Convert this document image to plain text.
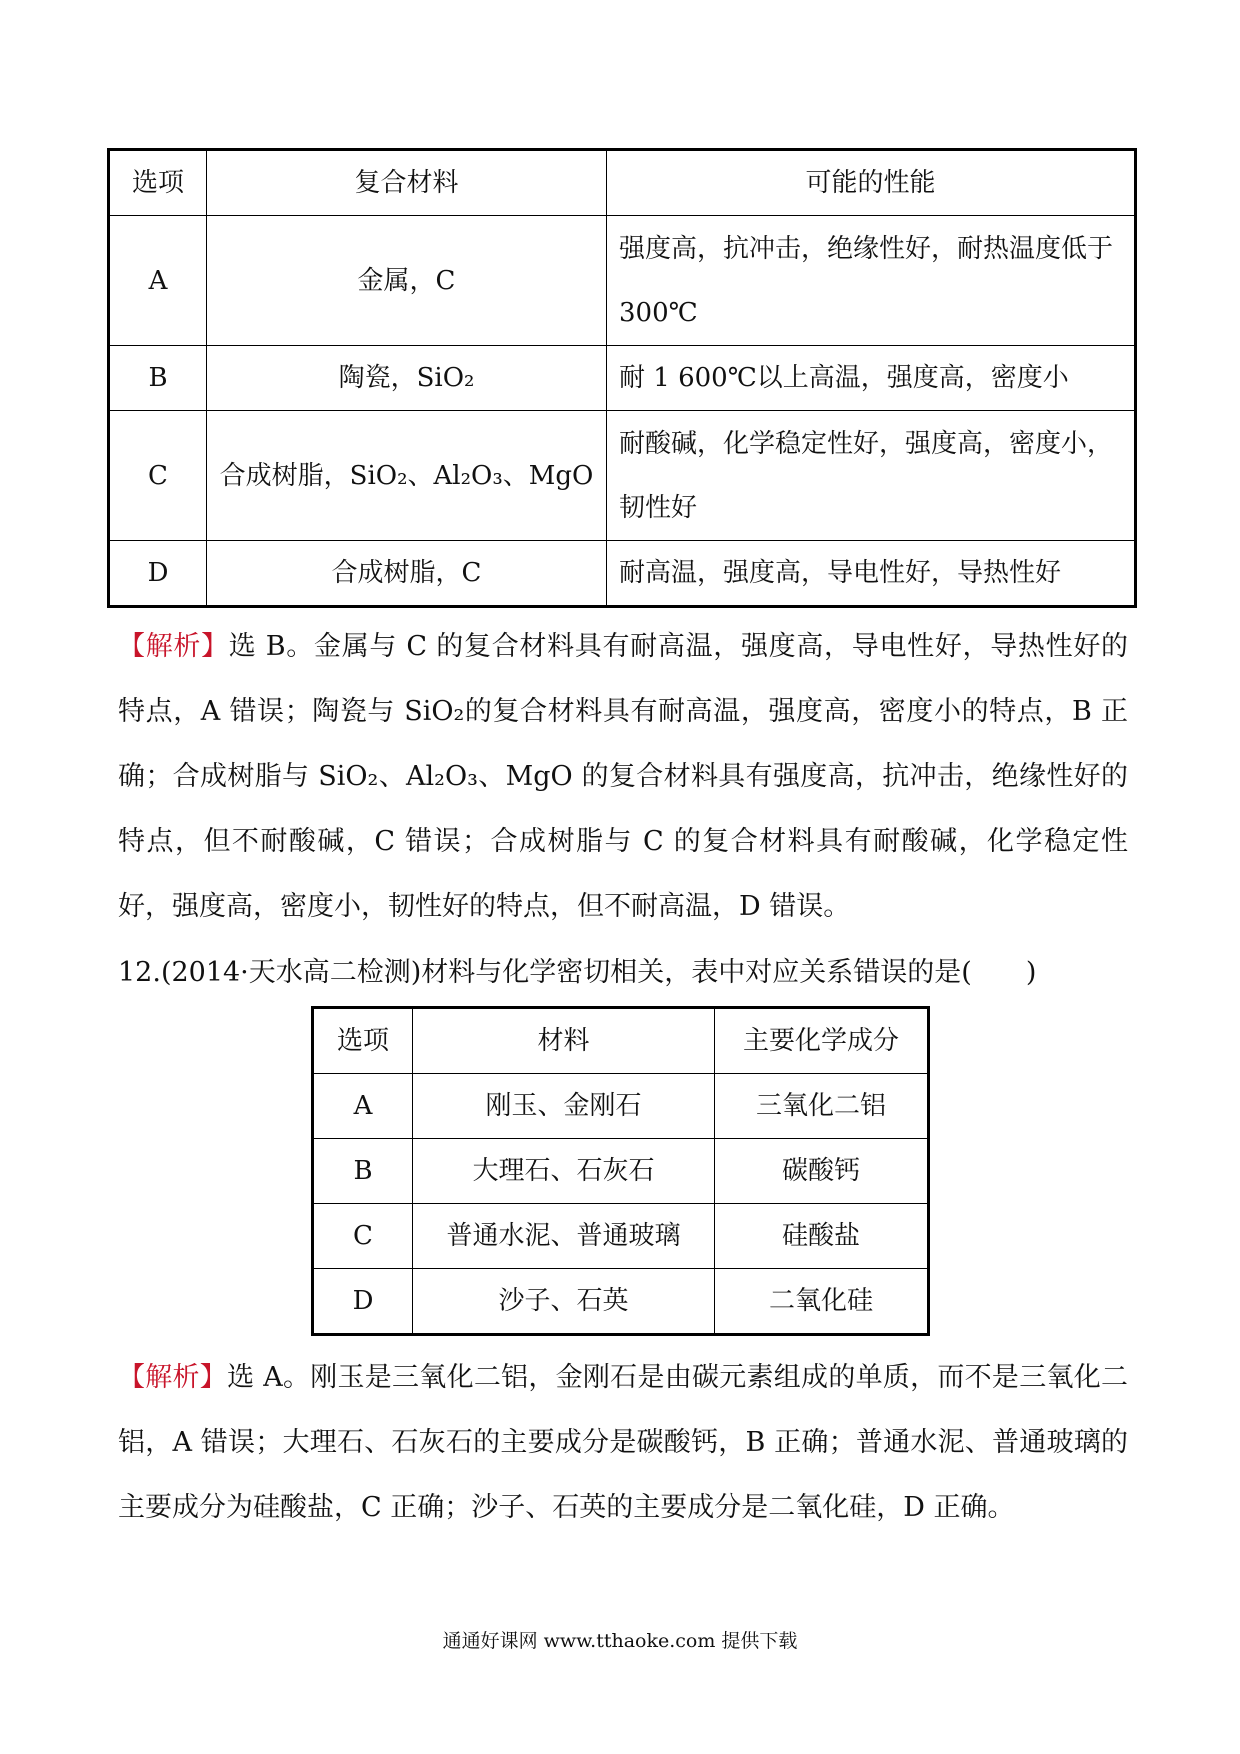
选项	复合材料	可能的性能
A	金属，C	强度高，抗冲击，绝缘性好，耐热温度低于 300℃
B	陶瓷，SiO₂	耐 1 600℃以上高温，强度高，密度小
C	合成树脂，SiO₂、Al₂O₃、MgO	耐酸碱，化学稳定性好，强度高，密度小，韧性好
D	合成树脂，C	耐高温，强度高，导电性好，导热性好
【解析】选 B。金属与 C 的复合材料具有耐高温，强度高，导电性好，导热性好的特点，A 错误；陶瓷与 SiO₂的复合材料具有耐高温，强度高，密度小的特点，B 正确；合成树脂与 SiO₂、Al₂O₃、MgO 的复合材料具有强度高，抗冲击，绝缘性好的特点，但不耐酸碱，C 错误；合成树脂与 C 的复合材料具有耐酸碱，化学稳定性好，强度高，密度小，韧性好的特点，但不耐高温，D 错误。
12.(2014·天水高二检测)材料与化学密切相关，表中对应关系错误的是(　　)
选项	材料	主要化学成分
A	刚玉、金刚石	三氧化二铝
B	大理石、石灰石	碳酸钙
C	普通水泥、普通玻璃	硅酸盐
D	沙子、石英	二氧化硅
【解析】选 A。刚玉是三氧化二铝，金刚石是由碳元素组成的单质，而不是三氧化二铝，A 错误；大理石、石灰石的主要成分是碳酸钙，B 正确；普通水泥、普通玻璃的主要成分为硅酸盐，C 正确；沙子、石英的主要成分是二氧化硅，D 正确。
通通好课网 www.tthaoke.com 提供下载
